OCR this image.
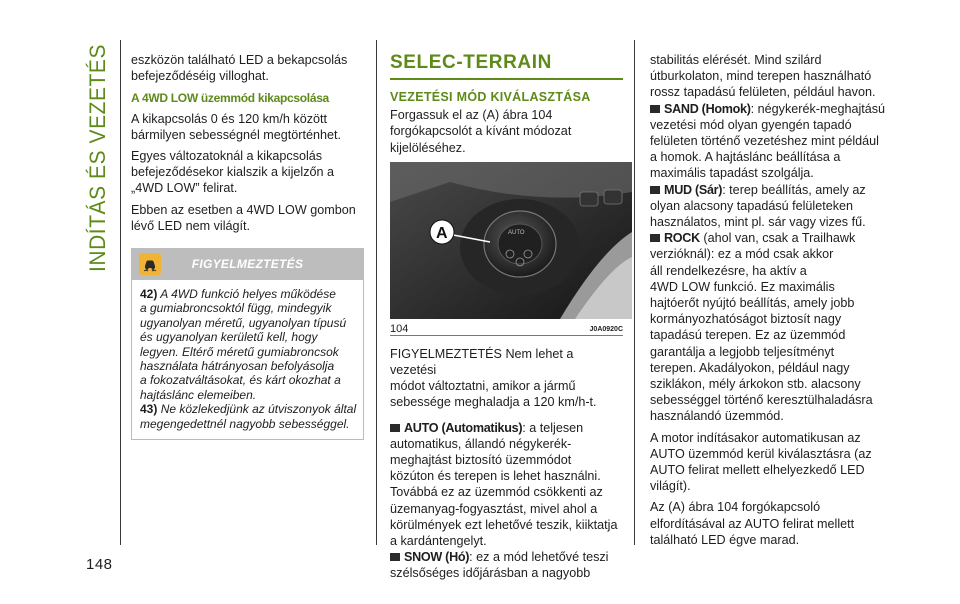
INDÍTÁS ÉS VEZETÉS eszközön található LED a bekapcsolás
befejeződéséig villoghat.

A 4WD LOW üzemmód kikapcsolása

A kikapcsolás 0 és 120 km/h között
bármilyen sebességnél megtörténhet.

Egyes változatoknál a kikapcsolás
befejeződésekor kialszik a kijelzőn a
„4WD LOW” felirat.

Ebben az esetben a 4WD LOW gombon
lévő LED nem világít.

FIGYELMEZTETÉS

42) A 4WD funkció helyes működése
a gumiabroncsoktól függ, mindegyik
ugyanolyan méretű, ugyanolyan típusú
és ugyanolyan kerületű kell, hogy
legyen. Eltérő méretű gumiabroncsok
használata hátrányosan befolyásolja
a fokozatváltásokat, és kárt okozhat a
hajtáslánc elemeiben.

43) Ne közlekedjünk az útviszonyok által
megengedettnél nagyobb sebességgel.

SELEC-TERRAIN
VEZETÉSI MÓD KIVÁLASZTÁSA

Forgassuk el az (A) ábra 104
forgókapcsolót a kívánt módozat
kijelöléséhez.

AUTO
A
104	J0A0920C

FIGYELMEZTETÉS Nem lehet a vezetési
módot változtatni, amikor a jármű
sebessége meghaladja a 120 km/h-t.

AUTO (Automatikus): a teljesen
automatikus, állandó négykerék-
meghajtást biztosító üzemmódot
közúton és terepen is lehet használni.
Továbbá ez az üzemmód csökkenti az
üzemanyag-fogyasztást, mivel ahol a
körülmények ezt lehetővé teszik, kiiktatja
a kardántengelyt.
SNOW (Hó): ez a mód lehetővé teszi
szélsőséges időjárásban a nagyobb

stabilitás elérését. Mind szilárd
útburkolaton, mind terepen használható
rossz tapadású felületen, például havon.
SAND (Homok): négykerék-meghajtású
vezetési mód olyan gyengén tapadó
felületen történő vezetéshez mint például
a homok. A hajtáslánc beállítása a
maximális tapadást szolgálja.
MUD (Sár): terep beállítás, amely az
olyan alacsony tapadású felületeken
használatos, mint pl. sár vagy vizes fű.
ROCK (ahol van, csak a Trailhawk
verzióknál): ez a mód csak akkor
áll rendelkezésre, ha aktív a
4WD LOW funkció. Ez maximális
hajtóerőt nyújtó beállítás, amely jobb
kormányozhatóságot biztosít nagy
tapadású terepen. Ez az üzemmód
garantálja a legjobb teljesítményt
terepen. Akadályokon, például nagy
sziklákon, mély árkokon stb. alacsony
sebességgel történő keresztülhaladásra
használandó üzemmód.

A motor indításakor automatikusan az
AUTO üzemmód kerül kiválasztásra (az
AUTO felirat mellett elhelyezkedő LED
világít).

Az (A) ábra 104 forgókapcsoló
elfordításával az AUTO felirat mellett
található LED égve marad.

148
